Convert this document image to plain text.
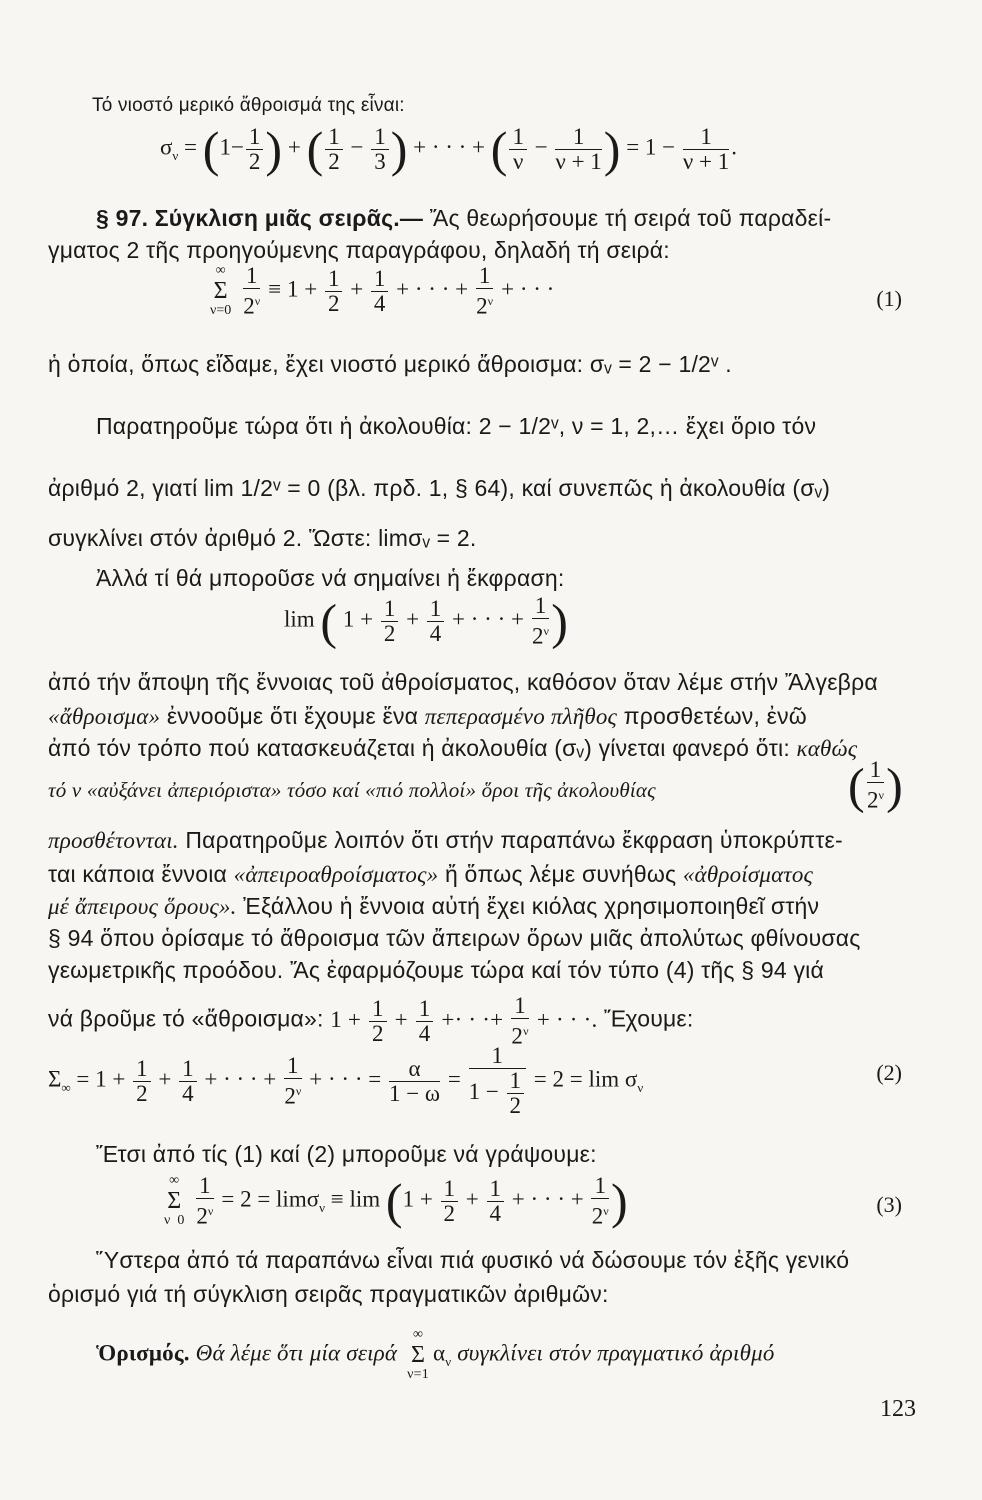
Τό νιοστό μερικό ἄθροισμά της εἶναι:
$\sigma_\nu = (1- \frac{1}{2}$ ) + ( $\frac{1}{2} - \frac{1}{3}$ ) + · · · + ( $\frac{1}{\nu} - \frac{1}{\nu + 1}$ ) = $1 - \frac{1}{\nu + 1}$ .
§ 97. Σύγκλιση μιᾶς σειρᾶς.— Ἄς θεωρήσουμε τή σειρά τοῦ παραδεί-
γματος 2 τῆς προηγούμενης παραγράφου, δηλαδή τή σειρά:
∞
Σ
ν=0
$\frac{1}{2^\nu} \equiv 1 + \frac{1}{2} + \frac{1}{4}$ + · · · + $\frac{1}{2^\nu}$ + · · ·	(1)
ἡ ὁποία, ὅπως εἴδαμε, ἔχει νιοστό μερικό ἄθροισμα: σᵥ = 2 − 1/2ᵛ .
Παρατηροῦμε τώρα ὅτι ἡ ἀκολουθία: 2 − 1/2ᵛ, ν = 1, 2,… ἔχει ὅριο τόν
ἀριθμό 2, γιατί lim 1/2ᵛ = 0 (βλ. πρδ. 1, § 64), καί συνεπῶς ἡ ἀκολουθία (σᵥ)
συγκλίνει στόν ἀριθμό 2. Ὥστε: limσᵥ = 2.
Ἀλλά τί θά μποροῦσε νά σημαίνει ἡ ἔκφραση:
lim ( $1 + \frac{1}{2} + \frac{1}{4}$ + · · · + $\frac{1}{2^\nu}$ )
ἀπό τήν ἄποψη τῆς ἔννοιας τοῦ ἀθροίσματος, καθόσον ὅταν λέμε στήν Ἄλγεβρα
«ἄθροισμα» ἐννοοῦμε ὅτι ἔχουμε ἕνα πεπερασμένο πλῆθος προσθετέων, ἐνῶ
ἀπό τόν τρόπο πού κατασκευάζεται ἡ ἀκολουθία (σᵥ) γίνεται φανερό ὅτι: καθώς
τό ν «αὐξάνει ἀπεριόριστα» τόσο καί «πιό πολλοί» ὅροι τῆς ἀκολουθίας	( $\frac{1}{2^\nu}$ )
προσθέτονται. Παρατηροῦμε λοιπόν ὅτι στήν παραπάνω ἔκφραση ὑποκρύπτε-
ται κάποια ἔννοια «ἀπειροαθροίσματος» ἤ ὅπως λέμε συνήθως «ἀθροίσματος
μέ ἄπειρους ὅρους». Ἐξάλλου ἡ ἔννοια αὐτή ἔχει κιόλας χρησιμοποιηθεῖ στήν
§ 94 ὅπου ὁρίσαμε τό ἄθροισμα τῶν ἄπειρων ὅρων μιᾶς ἀπολύτως φθίνουσας
γεωμετρικῆς προόδου. Ἄς ἐφαρμόζουμε τώρα καί τόν τύπο (4) τῆς § 94 γιά
νά βροῦμε τό «ἄθροισμα»: $1 + \frac{1}{2} + \frac{1}{4}$ +· · ·+ $\frac{1}{2^\nu}$ + · · ·. Ἔχουμε:
$\Sigma_\infty = 1 + \frac{1}{2} + \frac{1}{4}$ + · · · + $\frac{1}{2^\nu}$ + · · · = $\frac{\alpha}{1 - \omega} = \frac{1}{1 - \frac{1}{2}} = 2 = \lim \sigma_\nu$
(2)
Ἔτσι ἀπό τίς (1) καί (2) μποροῦμε νά γράψουμε:
∞
Σ
ν  0
$\frac{1}{2^\nu} = 2 = \lim\sigma_\nu \equiv \lim (1 + \frac{1}{2} + \frac{1}{4}$ + · · · + $\frac{1}{2^\nu}$ )	(3)
Ὕστερα ἀπό τά παραπάνω εἶναι πιά φυσικό νά δώσουμε τόν ἑξῆς γενικό
ὁρισμό γιά τή σύγκλιση σειρᾶς πραγματικῶν ἀριθμῶν:
Ὁρισμός. Θά λέμε ὅτι μία σειρά
∞
Σ
ν=1
$\alpha_\nu$ συγκλίνει στόν πραγματικό ἀριθμό
123
